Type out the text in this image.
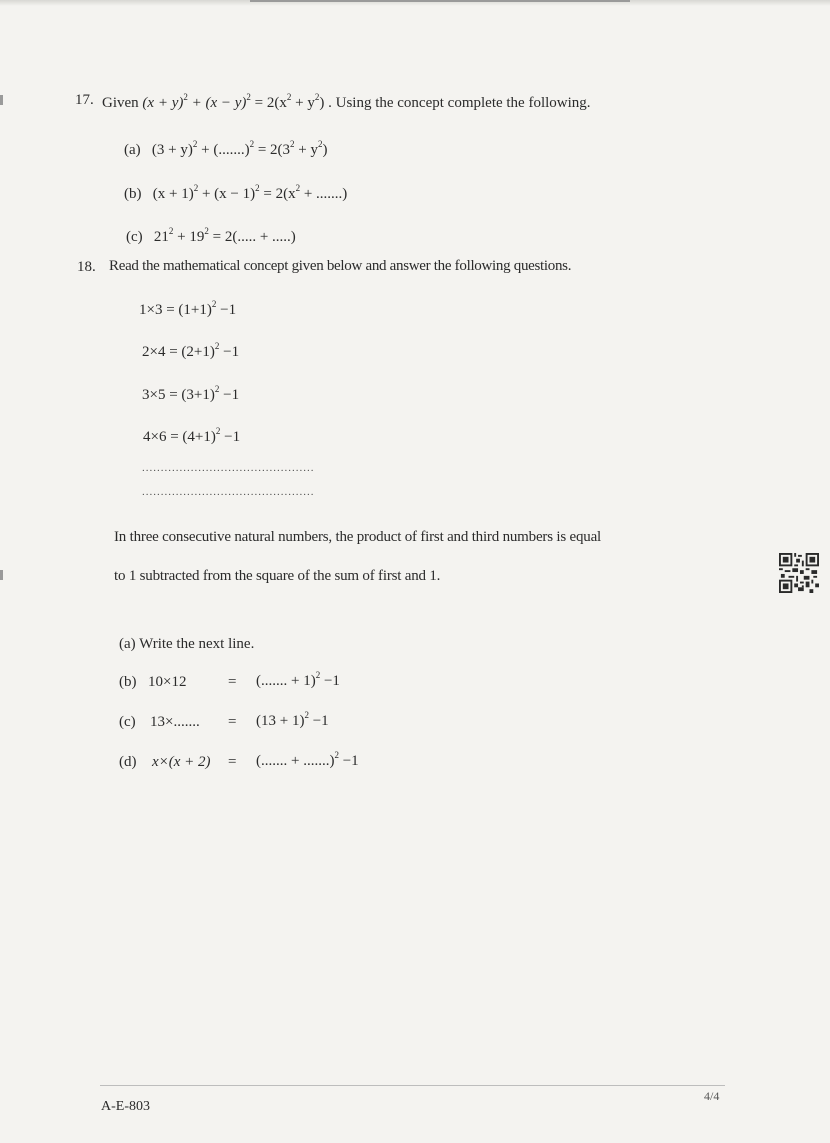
17. Given $(x + y)^2 + (x - y)^2 = 2(x^2 + y^2)$ . Using the concept complete the following.
(a) $(3 + y)^2 + (.......)^2 = 2(3^2 + y^2)$
(b) $(x + 1)^2 + (x - 1)^2 = 2(x^2$ + .......)
(c) $21^2 + 19^2 = 2$(..... + .....)
18. Read the mathematical concept given below and answer the following questions.
$1\times 3 = (1+1)^2 -1$
$2\times 4 = (2+1)^2 -1$
$3\times 5 = (3+1)^2 -1$
$4\times 6 = (4+1)^2 -1$
..............................................
..............................................
In three consecutive natural numbers, the product of first and third numbers is equal
to 1 subtracted from the square of the sum of first and 1.
(a) Write the next line.
(b) 10×12	= (....... + 1)$^2$ −1
(c) 13×....... = $(13 + 1)^2 -1$
(d) x×(x + 2) = (....... + .......)$^2$ −1
4/4
A-E-803
